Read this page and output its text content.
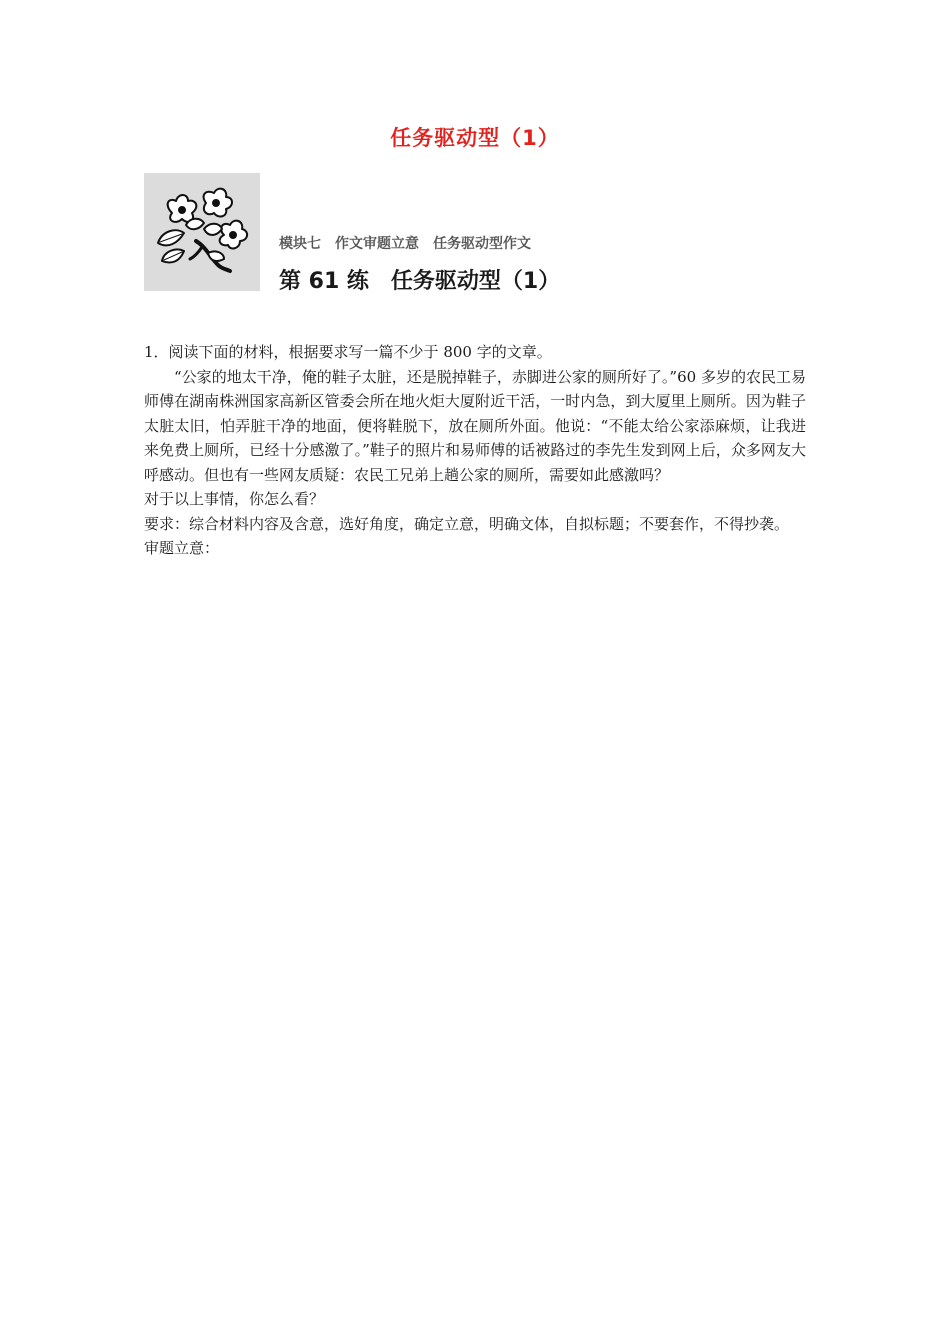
任务驱动型（1）
模块七　作文审题立意　任务驱动型作文
第 61 练　任务驱动型（1）

1．阅读下面的材料，根据要求写一篇不少于 800 字的文章。

“公家的地太干净，俺的鞋子太脏，还是脱掉鞋子，赤脚进公家的厕所好了。”60 多岁的农民工易师傅在湖南株洲国家高新区管委会所在地火炬大厦附近干活，一时内急，到大厦里上厕所。因为鞋子太脏太旧，怕弄脏干净的地面，便将鞋脱下，放在厕所外面。他说：“不能太给公家添麻烦，让我进来免费上厕所，已经十分感激了。”鞋子的照片和易师傅的话被路过的李先生发到网上后，众多网友大呼感动。但也有一些网友质疑：农民工兄弟上趟公家的厕所，需要如此感激吗？

对于以上事情，你怎么看？

要求：综合材料内容及含意，选好角度，确定立意，明确文体，自拟标题；不要套作，不得抄袭。

审题立意：
